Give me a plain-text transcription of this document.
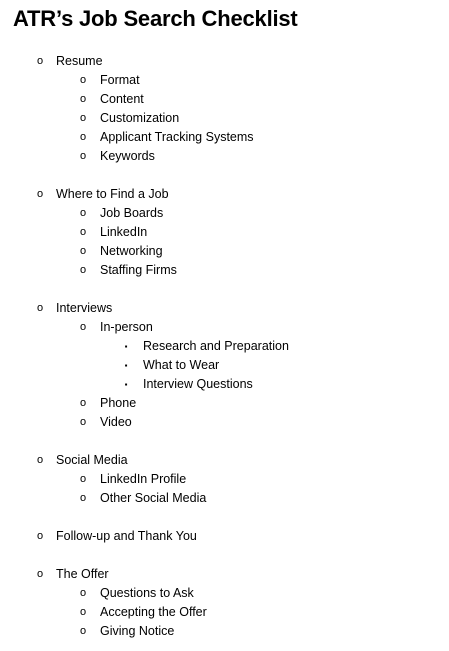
ATR’s Job Search Checklist
o	Resume
o	Format
o	Content
o	Customization
o	Applicant Tracking Systems
o	Keywords
o	Where to Find a Job
o	Job Boards
o	LinkedIn
o	Networking
o	Staffing Firms
o	Interviews
o	In-person
▪	Research and Preparation
▪	What to Wear
▪	Interview Questions
o	Phone
o	Video
o	Social Media
o	LinkedIn Profile
o	Other Social Media
o	Follow-up and Thank You
o	The Offer
o	Questions to Ask
o	Accepting the Offer
o	Giving Notice
